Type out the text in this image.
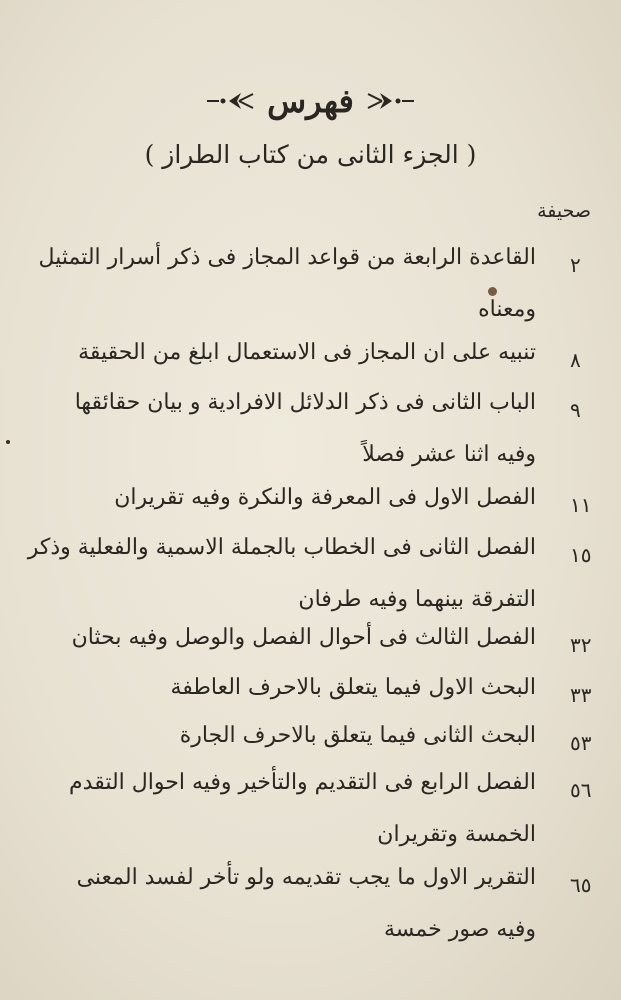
فهرس
( الجزء الثانى من كتاب الطراز )
صحيفة
٢
القاعدة الرابعة من قواعد المجاز فى ذكر أسرار التمثيل
ومعناه
٨
تنبيه على ان المجاز فى الاستعمال ابلغ من الحقيقة
٩
الباب الثانى فى ذكر الدلائل الافرادية و بيان حقائقها
وفيه اثنا عشر فصلاً
١١
الفصل الاول فى المعرفة والنكرة وفيه تقريران
١٥
الفصل الثانى فى الخطاب بالجملة الاسمية والفعلية وذكر
التفرقة بينهما وفيه طرفان
٣٢
الفصل الثالث فى أحوال الفصل والوصل وفيه بحثان
٣٣
البحث الاول فيما يتعلق بالاحرف العاطفة
٥٣
البحث الثانى فيما يتعلق بالاحرف الجارة
٥٦
الفصل الرابع فى التقديم والتأخير وفيه احوال التقدم
الخمسة وتقريران
٦٥
التقرير الاول ما يجب تقديمه ولو تأخر لفسد المعنى
وفيه صور خمسة
